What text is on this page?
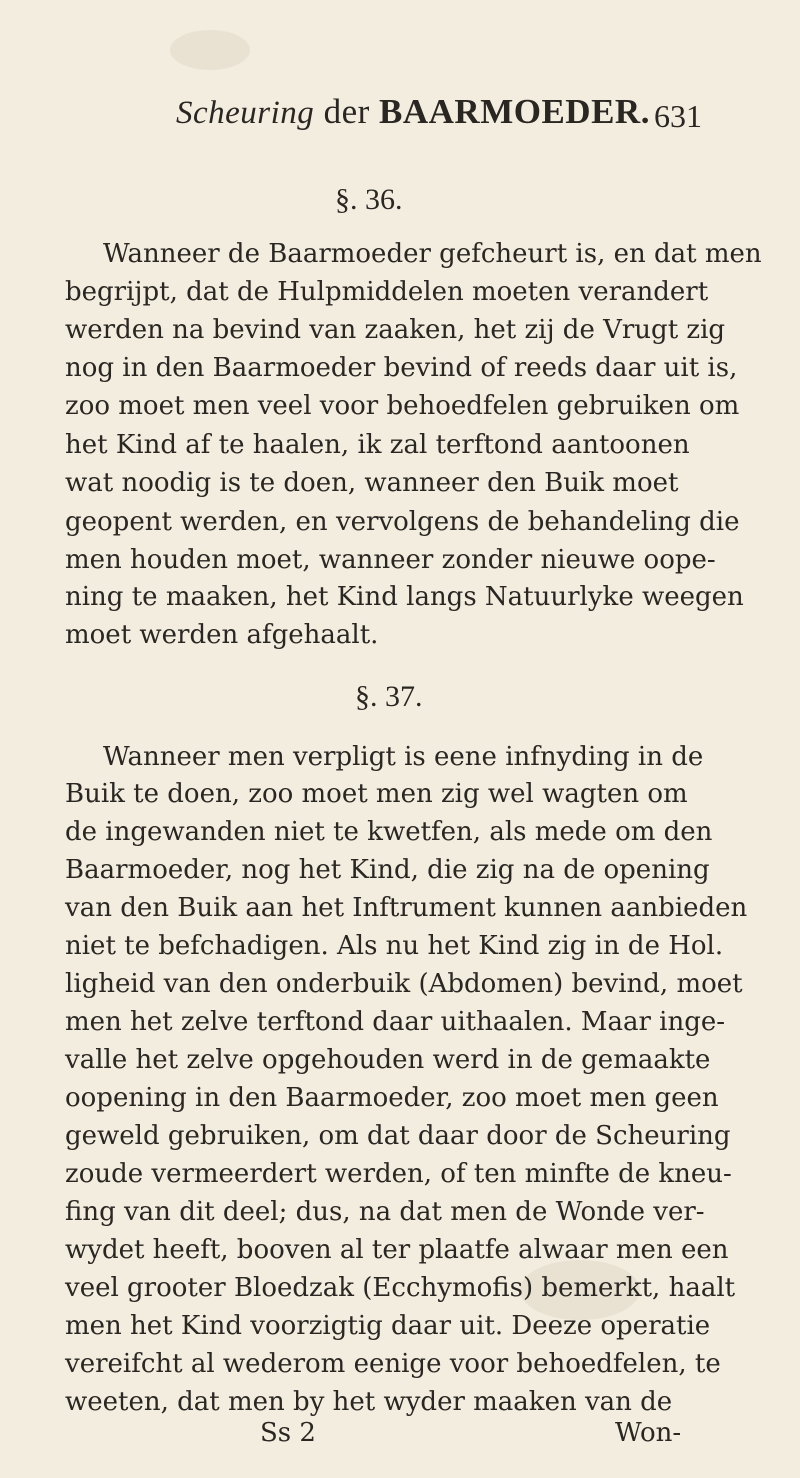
Scheuring der BAARMOEDER. 631
§. 36.
Wanneer de Baarmoeder gefcheurt is, en dat men
begrijpt, dat de Hulpmiddelen moeten verandert
werden na bevind van zaaken, het zij de Vrugt zig
nog in den Baarmoeder bevind of reeds daar uit is,
zoo moet men veel voor behoedfelen gebruiken om
het Kind af te haalen, ik zal terftond aantoonen
wat noodig is te doen, wanneer den Buik moet
geopent werden, en vervolgens de behandeling die
men houden moet, wanneer zonder nieuwe oope-
ning te maaken, het Kind langs Natuurlyke weegen
moet werden afgehaalt.
§. 37.
Wanneer men verpligt is eene infnyding in de
Buik te doen, zoo moet men zig wel wagten om
de ingewanden niet te kwetfen, als mede om den
Baarmoeder, nog het Kind, die zig na de opening
van den Buik aan het Inftrument kunnen aanbieden
niet te befchadigen. Als nu het Kind zig in de Hol.
ligheid van den onderbuik (Abdomen) bevind, moet
men het zelve terftond daar uithaalen. Maar inge-
valle het zelve opgehouden werd in de gemaakte
oopening in den Baarmoeder, zoo moet men geen
geweld gebruiken, om dat daar door de Scheuring
zoude vermeerdert werden, of ten minfte de kneu-
fing van dit deel; dus, na dat men de Wonde ver-
wydet heeft, booven al ter plaatfe alwaar men een
veel grooter Bloedzak (Ecchymofis) bemerkt, haalt
men het Kind voorzigtig daar uit. Deeze operatie
vereifcht al wederom eenige voor behoedfelen, te
weeten, dat men by het wyder maaken van de
Ss 2	Won-
